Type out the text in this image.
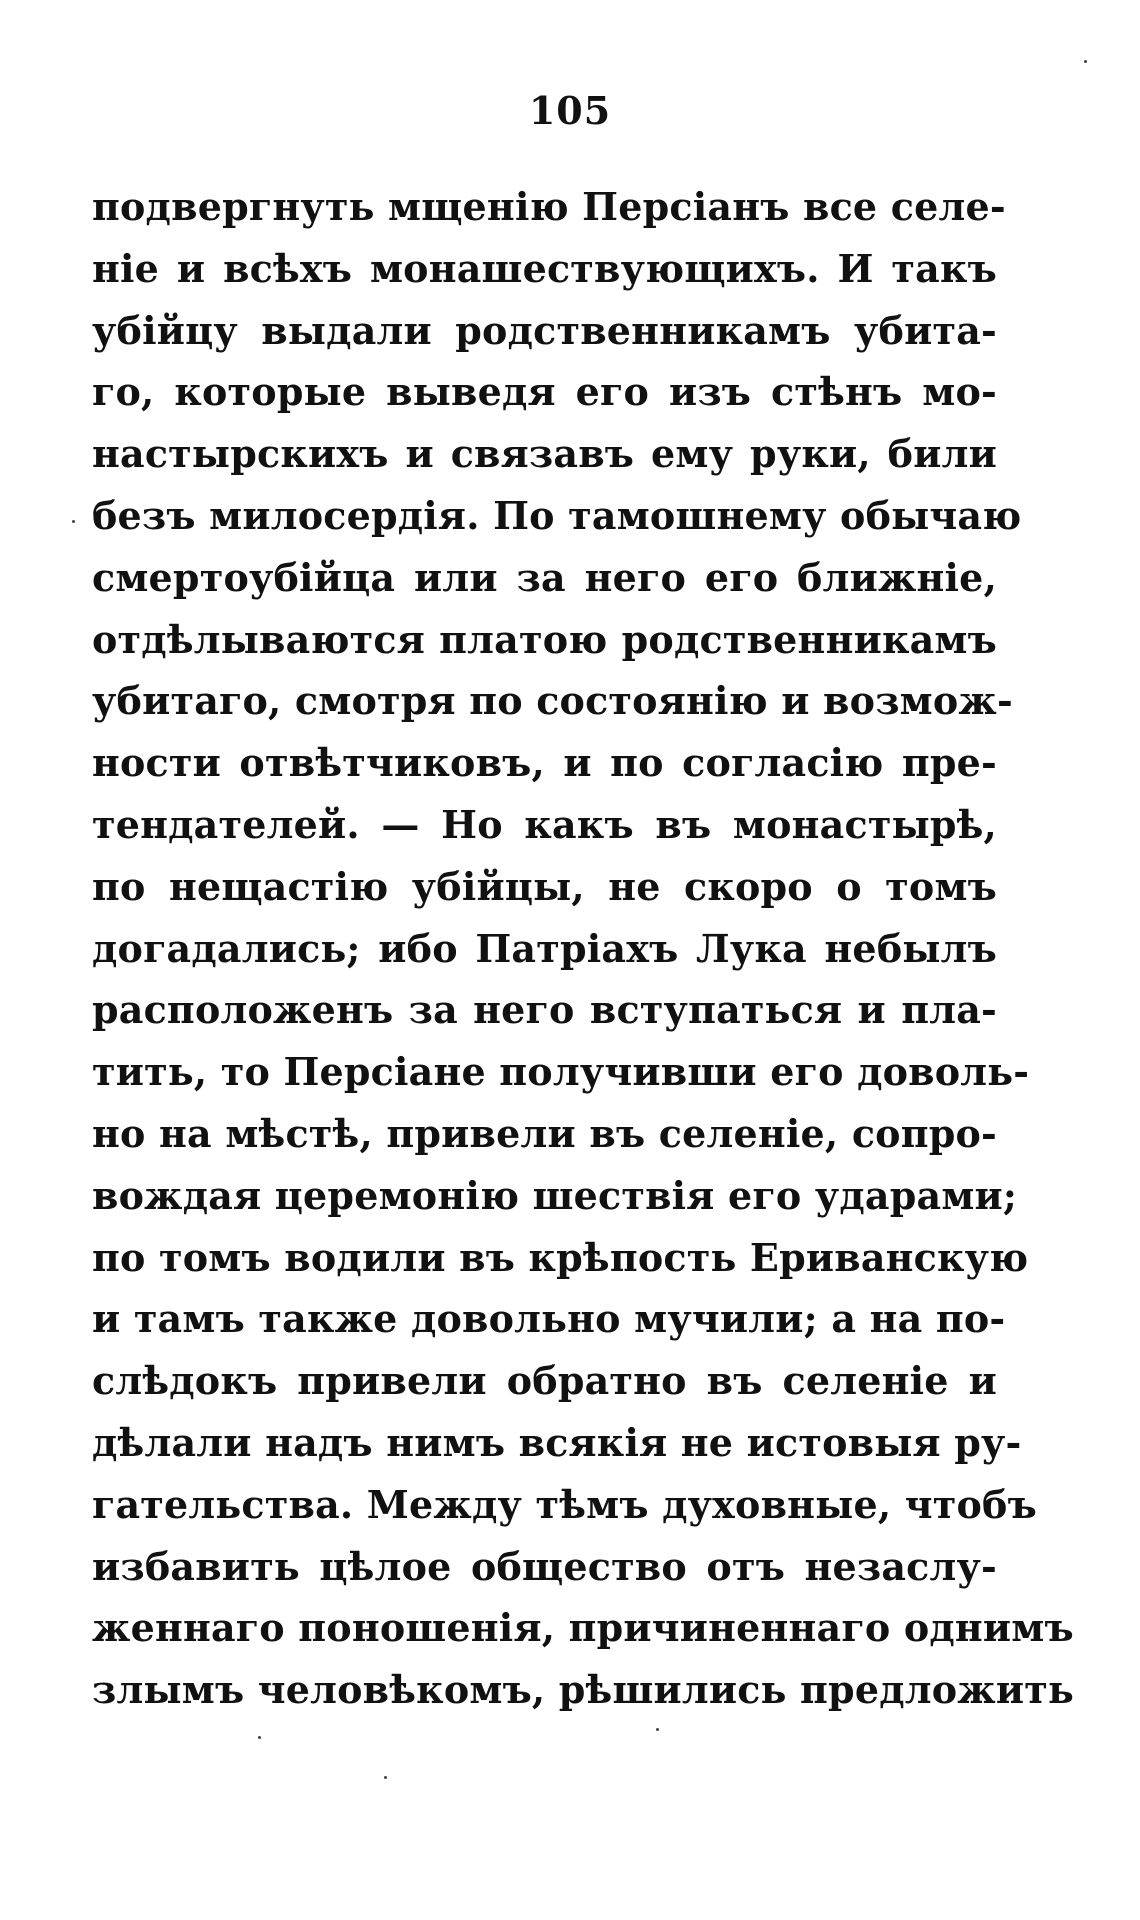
105
подвергнуть мщенію Персіанъ все селе-
ніе и всѣхъ монашествующихъ. И такъ
убійцу выдали родственникамъ убита-
го, которые выведя его изъ стѣнъ мо-
настырскихъ и связавъ ему руки, били
безъ милосердія. По тамошнему обычаю
смертоубійца или за него его ближніе,
отдѣлываются платою родственникамъ
убитаго, смотря по состоянію и возмож-
ности отвѣтчиковъ, и по согласію пре-
тендателей. — Но какъ въ монастырѣ,
по нещастію убійцы, не скоро о томъ
догадались; ибо Патріахъ Лука небылъ
расположенъ за него вступаться и пла-
тить, то Персіане получивши его доволь-
но на мѣстѣ, привели въ селеніе, сопро-
вождая церемонію шествія его ударами;
по томъ водили въ крѣпость Ериванскую
и тамъ также довольно мучили; а на по-
слѣдокъ привели обратно въ селеніе и
дѣлали надъ нимъ всякія не истовыя ру-
гательства. Между тѣмъ духовные, чтобъ
избавить цѣлое общество отъ незаслу-
женнаго поношенія, причиненнаго однимъ
злымъ человѣкомъ, рѣшились предложить
